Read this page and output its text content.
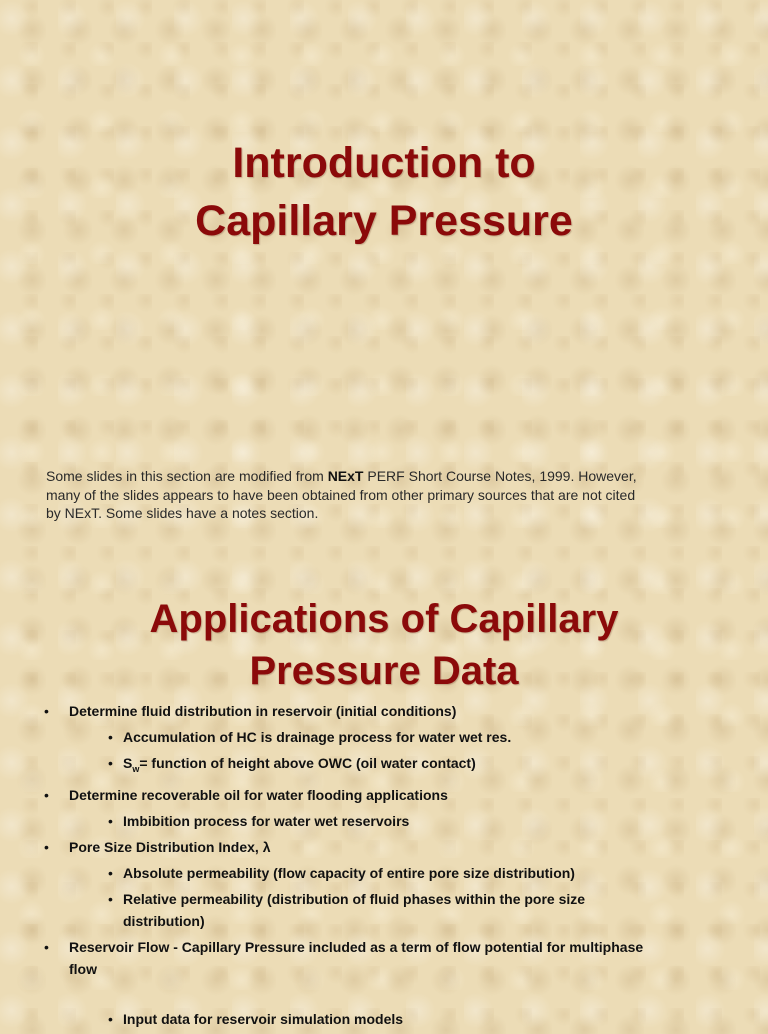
Introduction to
Capillary Pressure
Some slides in this section are modified from NExT PERF Short Course Notes, 1999. However, many of the slides appears to have been obtained from other primary sources that are not cited by NExT. Some slides have a notes section.
Applications of Capillary
Pressure Data
• Determine fluid distribution in reservoir (initial conditions)
• Accumulation of HC is drainage process for water wet res.
• $S_w=$ function of height above OWC (oil water contact)
• Determine recoverable oil for water flooding applications
• Imbibition process for water wet reservoirs
• Pore Size Distribution Index, λ
• Absolute permeability (flow capacity of entire pore size distribution)
• Relative permeability (distribution of fluid phases within the pore size distribution)
• Reservoir Flow - Capillary Pressure included as a term of flow potential for multiphase flow
• Input data for reservoir simulation models
